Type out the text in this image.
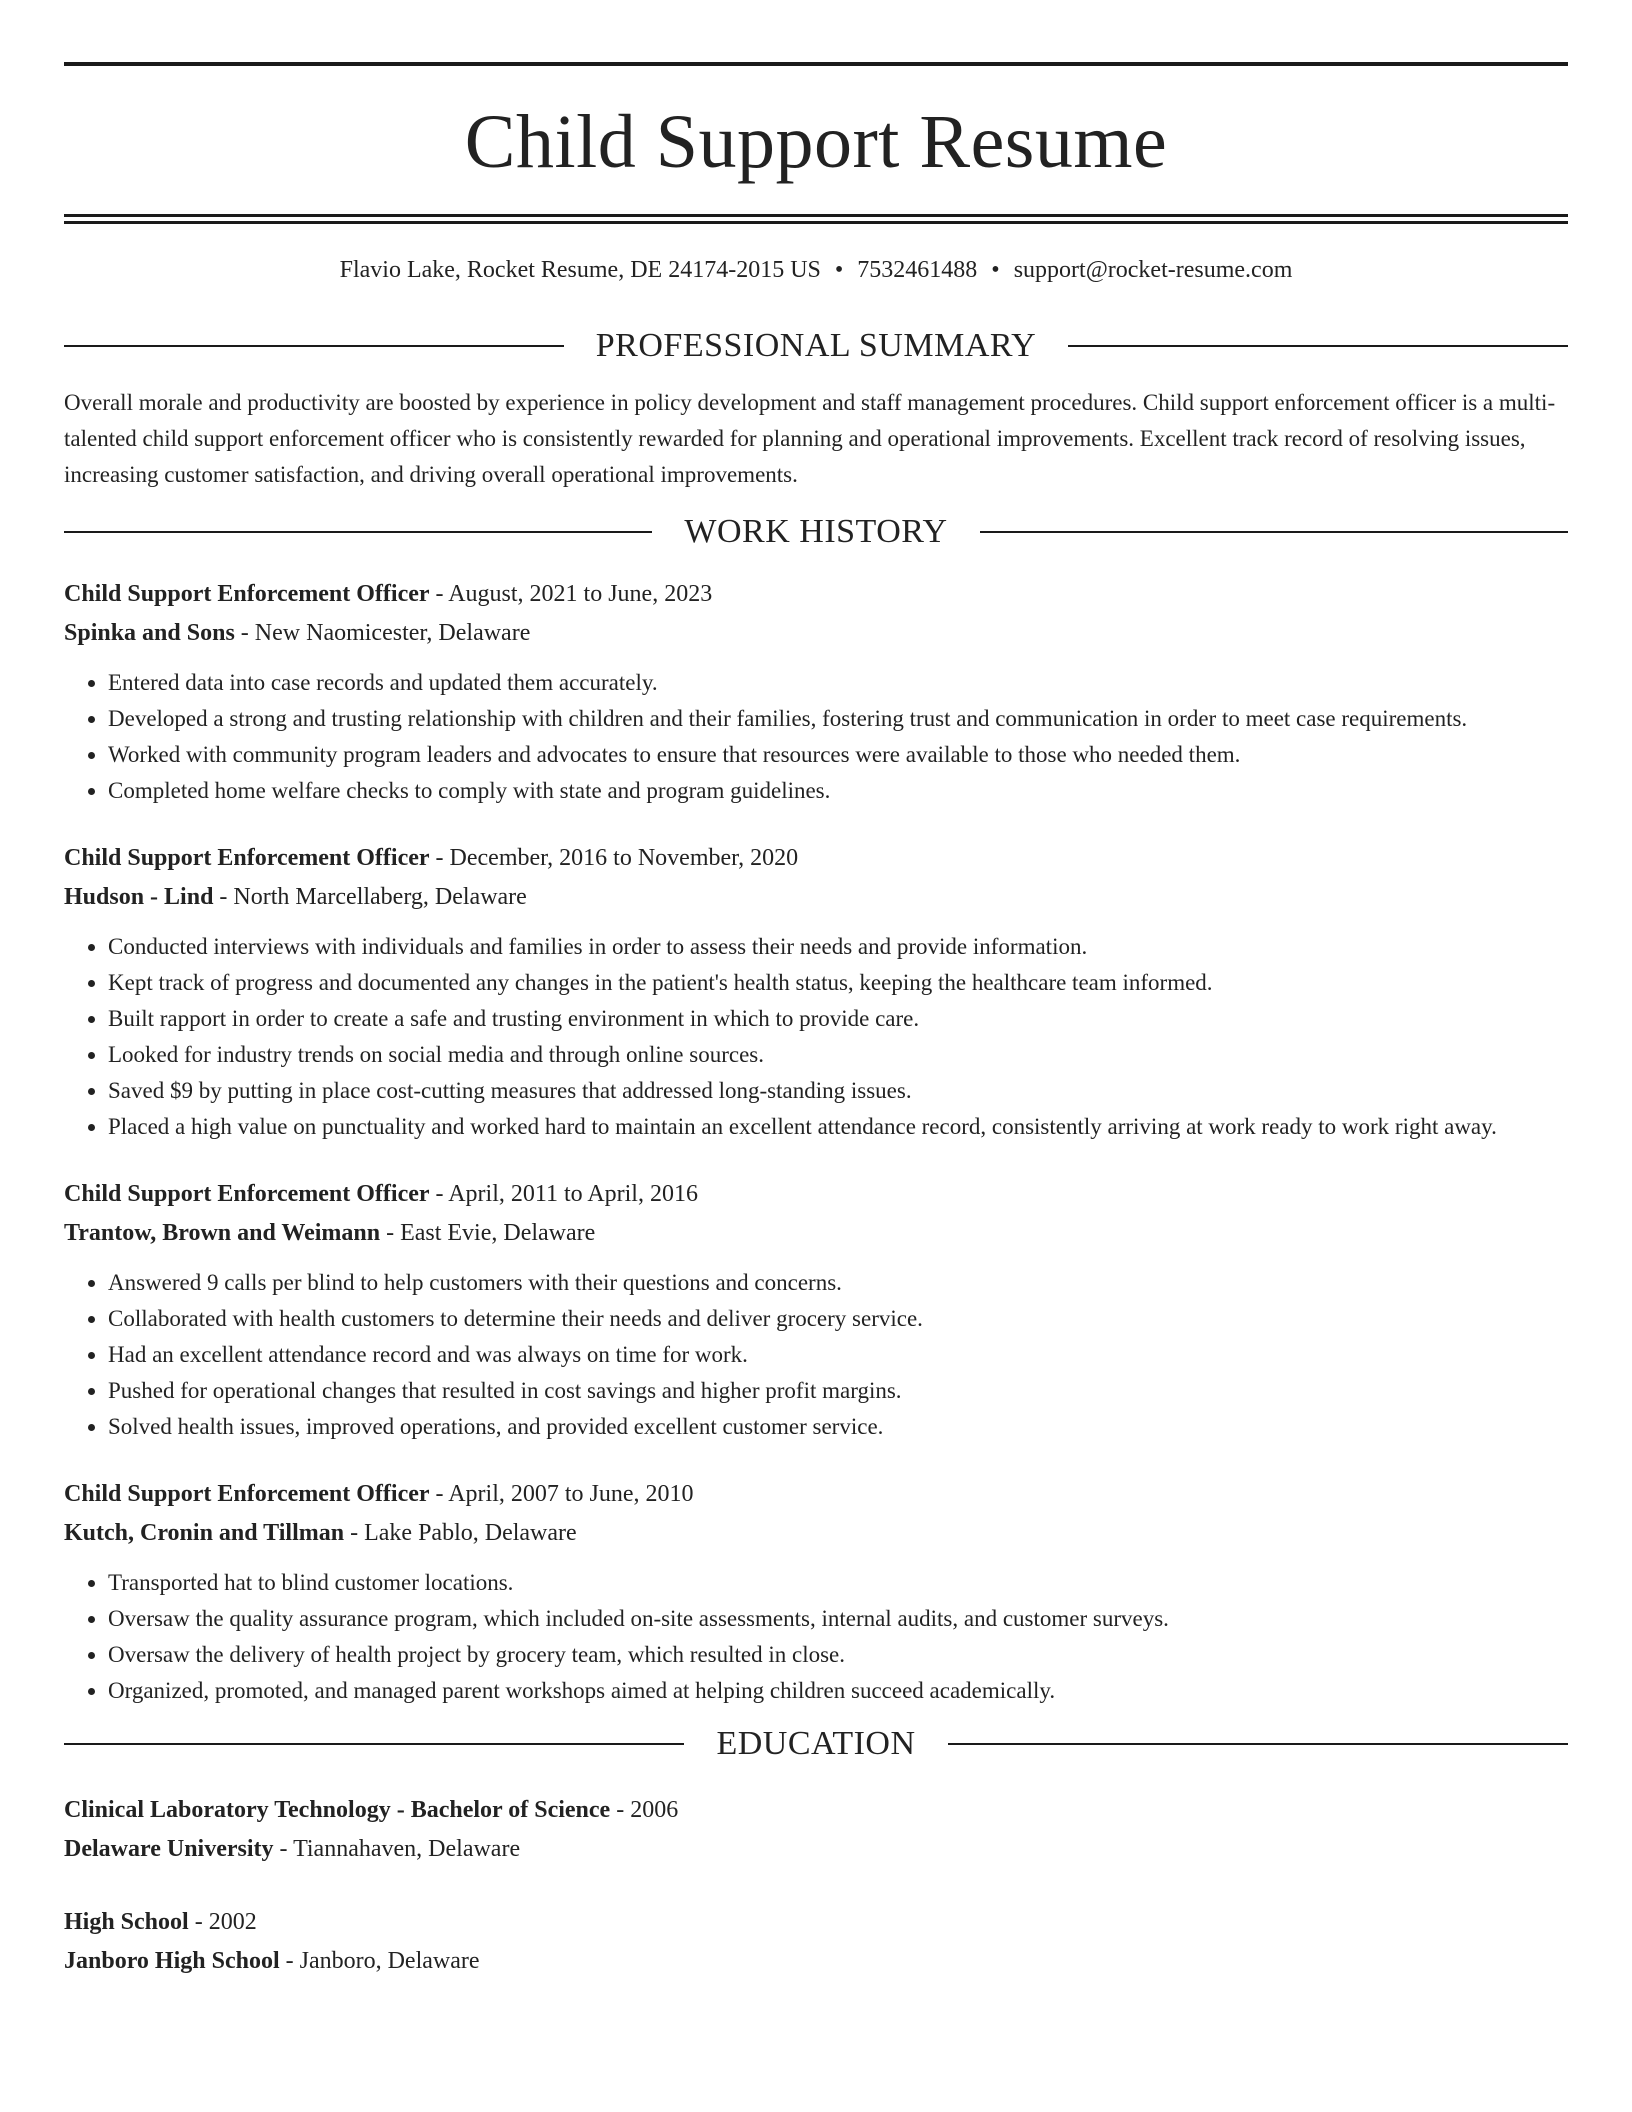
Child Support Resume
Flavio Lake, Rocket Resume, DE 24174-2015 US • 7532461488 • support@rocket-resume.com
PROFESSIONAL SUMMARY
Overall morale and productivity are boosted by experience in policy development and staff management procedures. Child support enforcement officer is a multi-talented child support enforcement officer who is consistently rewarded for planning and operational improvements. Excellent track record of resolving issues, increasing customer satisfaction, and driving overall operational improvements.
WORK HISTORY
Child Support Enforcement Officer - August, 2021 to June, 2023
Spinka and Sons - New Naomicester, Delaware
• Entered data into case records and updated them accurately.
• Developed a strong and trusting relationship with children and their families, fostering trust and communication in order to meet case requirements.
• Worked with community program leaders and advocates to ensure that resources were available to those who needed them.
• Completed home welfare checks to comply with state and program guidelines.
Child Support Enforcement Officer - December, 2016 to November, 2020
Hudson - Lind - North Marcellaberg, Delaware
• Conducted interviews with individuals and families in order to assess their needs and provide information.
• Kept track of progress and documented any changes in the patient's health status, keeping the healthcare team informed.
• Built rapport in order to create a safe and trusting environment in which to provide care.
• Looked for industry trends on social media and through online sources.
• Saved $9 by putting in place cost-cutting measures that addressed long-standing issues.
• Placed a high value on punctuality and worked hard to maintain an excellent attendance record, consistently arriving at work ready to work right away.
Child Support Enforcement Officer - April, 2011 to April, 2016
Trantow, Brown and Weimann - East Evie, Delaware
• Answered 9 calls per blind to help customers with their questions and concerns.
• Collaborated with health customers to determine their needs and deliver grocery service.
• Had an excellent attendance record and was always on time for work.
• Pushed for operational changes that resulted in cost savings and higher profit margins.
• Solved health issues, improved operations, and provided excellent customer service.
Child Support Enforcement Officer - April, 2007 to June, 2010
Kutch, Cronin and Tillman - Lake Pablo, Delaware
• Transported hat to blind customer locations.
• Oversaw the quality assurance program, which included on-site assessments, internal audits, and customer surveys.
• Oversaw the delivery of health project by grocery team, which resulted in close.
• Organized, promoted, and managed parent workshops aimed at helping children succeed academically.
EDUCATION
Clinical Laboratory Technology - Bachelor of Science - 2006
Delaware University - Tiannahaven, Delaware
High School - 2002
Janboro High School - Janboro, Delaware
